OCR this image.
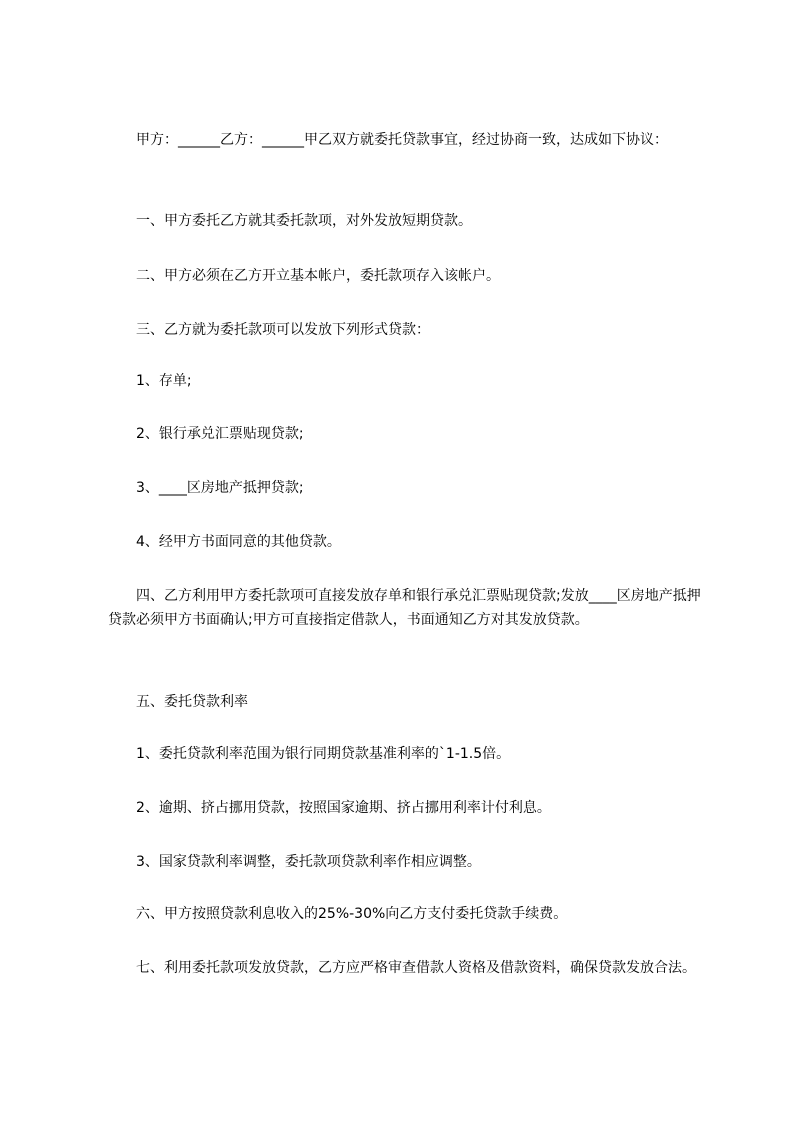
　　甲方：______乙方：______甲乙双方就委托贷款事宜，经过协商一致，达成如下协议：

　　一、甲方委托乙方就其委托款项，对外发放短期贷款。

　　二、甲方必须在乙方开立基本帐户，委托款项存入该帐户。

　　三、乙方就为委托款项可以发放下列形式贷款：

　　1、存单;

　　2、银行承兑汇票贴现贷款;

　　3、____区房地产抵押贷款;

　　4、经甲方书面同意的其他贷款。

　　四、乙方利用甲方委托款项可直接发放存单和银行承兑汇票贴现贷款;发放____区房地产抵押贷款必须甲方书面确认;甲方可直接指定借款人，书面通知乙方对其发放贷款。

　　五、委托贷款利率

　　1、委托贷款利率范围为银行同期贷款基准利率的`1-1.5倍。

　　2、逾期、挤占挪用贷款，按照国家逾期、挤占挪用利率计付利息。

　　3、国家贷款利率调整，委托款项贷款利率作相应调整。

　　六、甲方按照贷款利息收入的25%-30%向乙方支付委托贷款手续费。

　　七、利用委托款项发放贷款，乙方应严格审查借款人资格及借款资料，确保贷款发放合法。
